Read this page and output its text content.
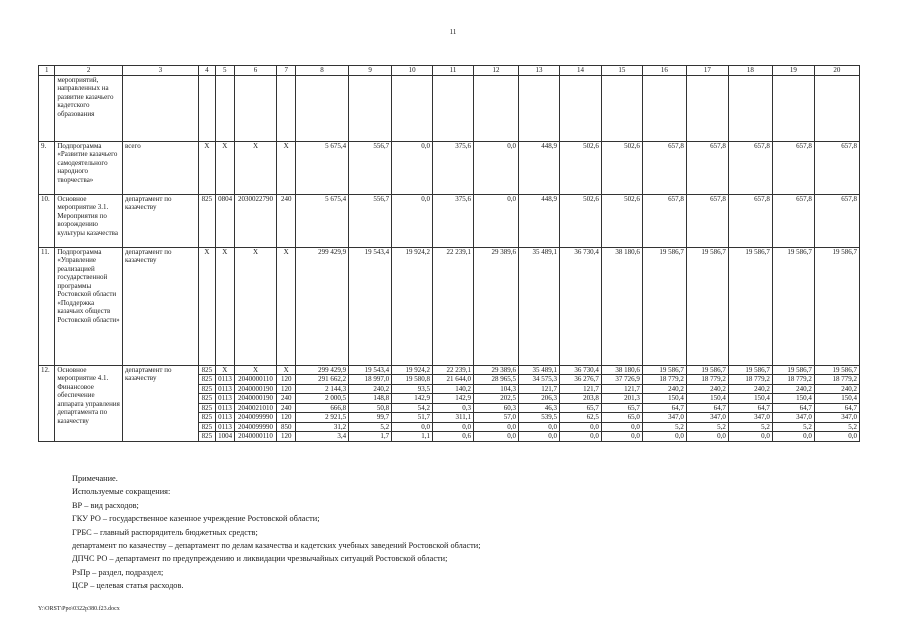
11
1	2	3	4	5	6	7	8	9	10	11	12	13	14	15	16	17	18	19	20
	мероприятий, направленных на развитие казачьего кадетского образования																		
9.	Подпрограмма «Развитие казачьего самодеятельного народного творчества»	всего	Х	Х	Х	Х	5 675,4	556,7	0,0	375,6	0,0	448,9	502,6	502,6	657,8	657,8	657,8	657,8	657,8
10.	Основное мероприятие 3.1. Мероприятия по возрождению культуры казачества	департамент по казачеству	825	0804	2030022790	240	5 675,4	556,7	0,0	375,6	0,0	448,9	502,6	502,6	657,8	657,8	657,8	657,8	657,8
11.	Подпрограмма «Управление реализацией государственной программы Ростовской области «Поддержка казачьих обществ Ростовской области»	департамент по казачеству	Х	Х	Х	Х	299 429,9	19 543,4	19 924,2	22 239,1	29 389,6	35 489,1	36 730,4	38 180,6	19 586,7	19 586,7	19 586,7	19 586,7	19 586,7
12.	Основное мероприятие 4.1. Финансовое обеспечение аппарата управления департамента по казачеству	департамент по казачеству	825	Х	Х	Х	299 429,9	19 543,4	19 924,2	22 239,1	29 389,6	35 489,1	36 730,4	38 180,6	19 586,7	19 586,7	19 586,7	19 586,7	19 586,7
			825	0113	2040000110	120	291 662,2	18 997,0	19 580,8	21 644,0	28 965,5	34 575,3	36 276,7	37 726,9	18 779,2	18 779,2	18 779,2	18 779,2	18 779,2
			825	0113	2040000190	120	2 144,3	240,2	93,5	140,2	104,3	121,7	121,7	121,7	240,2	240,2	240,2	240,2	240,2
			825	0113	2040000190	240	2 000,5	148,8	142,9	142,9	202,5	206,3	203,8	201,3	150,4	150,4	150,4	150,4	150,4
			825	0113	2040021010	240	666,8	50,8	54,2	0,3	60,3	46,3	65,7	65,7	64,7	64,7	64,7	64,7	64,7
			825	0113	2040099990	120	2 921,5	99,7	51,7	311,1	57,0	539,5	62,5	65,0	347,0	347,0	347,0	347,0	347,0
			825	0113	2040099990	850	31,2	5,2	0,0	0,0	0,0	0,0	0,0	0,0	5,2	5,2	5,2	5,2	5,2
			825	1004	2040000110	120	3,4	1,7	1,1	0,6	0,0	0,0	0,0	0,0	0,0	0,0	0,0	0,0	0,0

Примечание.

Используемые сокращения:

ВР – вид расходов;

ГКУ РО – государственное казенное учреждение Ростовской области;

ГРБС – главный распорядитель бюджетных средств;

департамент по казачеству – департамент по делам казачества и кадетских учебных заведений Ростовской области;

ДПЧС РО – департамент по предупреждению и ликвидации чрезвычайных ситуаций Ростовской области;

РзПр – раздел, подраздел;

ЦСР – целевая статья расходов.

Y:\ORST\Ppo\0322p380.f23.docx
